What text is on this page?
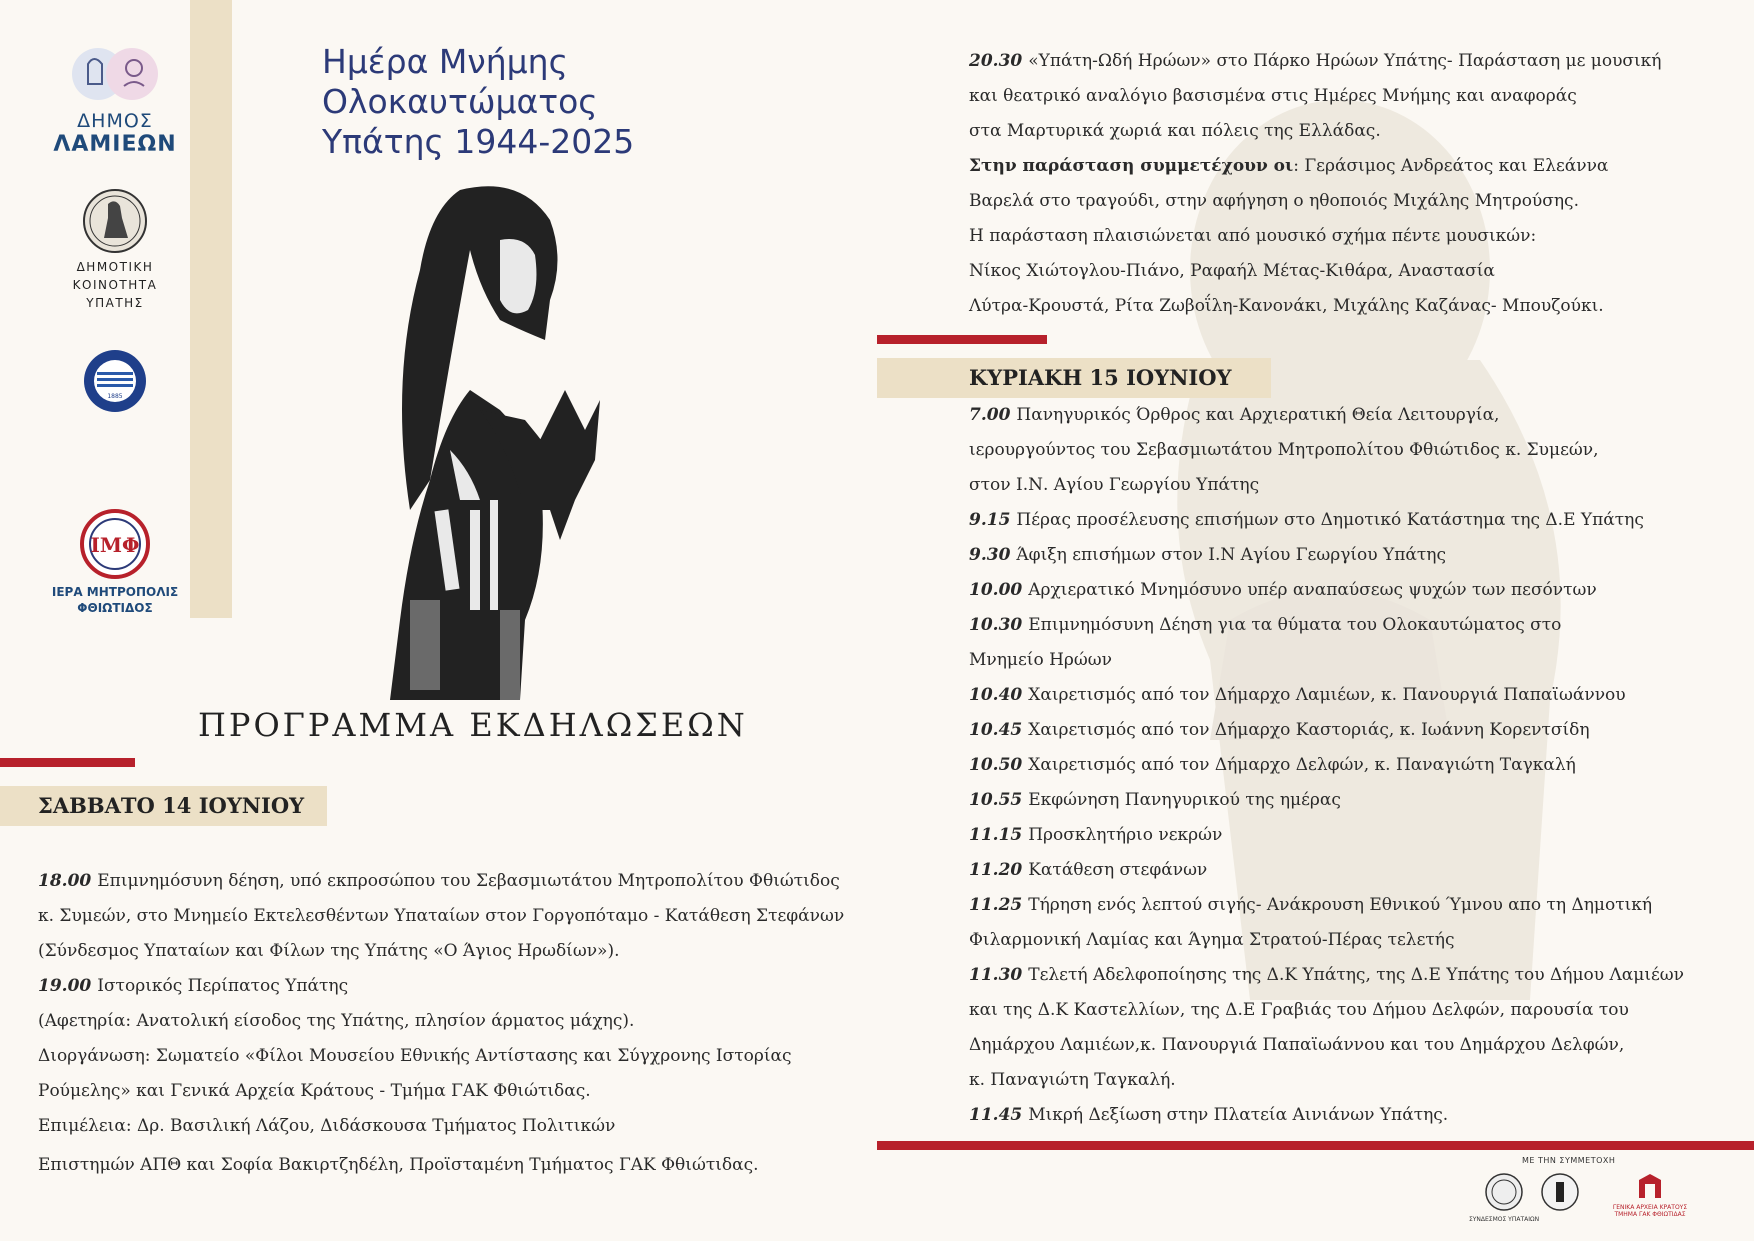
ΔΗΜΟΣ
ΛΑΜΙΕΩΝ
ΔΗΜΟΤΙΚΗ
ΚΟΙΝΟΤΗΤΑ
ΥΠΑΤΗΣ
1885
ΙΜΦ
ΙΕΡΑ ΜΗΤΡΟΠΟΛΙΣ
ΦΘΙΩΤΙΔΟΣ
Ημέρα Μνήμης
Ολοκαυτώματος
Υπάτης 1944-2025
ΠΡΟΓΡΑΜΜΑ ΕΚΔΗΛΩΣΕΩΝ
ΣΑΒΒΑΤΟ 14 ΙΟΥΝΙΟΥ
18.00 Επιμνημόσυνη δέηση, υπό εκπροσώπου του Σεβασμιωτάτου Μητροπολίτου Φθιώτιδος
κ. Συμεών, στο Μνημείο Εκτελεσθέντων Υπαταίων στον Γοργοπόταμο - Κατάθεση Στεφάνων
(Σύνδεσμος Υπαταίων και Φίλων της Υπάτης «Ο Άγιος Ηρωδίων»).
19.00 Ιστορικός Περίπατος Υπάτης
(Αφετηρία: Ανατολική είσοδος της Υπάτης, πλησίον άρματος μάχης).
Διοργάνωση: Σωματείο «Φίλοι Μουσείου Εθνικής Αντίστασης και Σύγχρονης Ιστορίας
Ρούμελης» και Γενικά Αρχεία Κράτους - Τμήμα ΓΑΚ Φθιώτιδας.
Επιμέλεια: Δρ. Βασιλική Λάζου, Διδάσκουσα Τμήματος Πολιτικών
Επιστημών ΑΠΘ και Σοφία Βακιρτζηδέλη, Προϊσταμένη Τμήματος ΓΑΚ Φθιώτιδας.
20.30 «Υπάτη-Ωδή Ηρώων» στο Πάρκο Ηρώων Υπάτης- Παράσταση με μουσική
και θεατρικό αναλόγιο βασισμένα στις Ημέρες Μνήμης και αναφοράς
στα Μαρτυρικά χωριά και πόλεις της Ελλάδας.
Στην παράσταση συμμετέχουν οι: Γεράσιμος Ανδρεάτος και Ελεάννα
Βαρελά στο τραγούδι, στην αφήγηση ο ηθοποιός Μιχάλης Μητρούσης.
Η παράσταση πλαισιώνεται από μουσικό σχήμα πέντε μουσικών:
Νίκος Χιώτογλου-Πιάνο, Ραφαήλ Μέτας-Κιθάρα, Αναστασία
Λύτρα-Κρουστά, Ρίτα Ζωβοΐλη-Κανονάκι, Μιχάλης Καζάνας- Μπουζούκι.
ΚΥΡΙΑΚΗ 15 ΙΟΥΝΙΟΥ
7.00 Πανηγυρικός Όρθρος και Αρχιερατική Θεία Λειτουργία,
ιερουργούντος του Σεβασμιωτάτου Μητροπολίτου Φθιώτιδος κ. Συμεών,
στον Ι.Ν. Αγίου Γεωργίου Υπάτης
9.15 Πέρας προσέλευσης επισήμων στο Δημοτικό Κατάστημα της Δ.Ε Υπάτης
9.30 Άφιξη επισήμων στον Ι.Ν Αγίου Γεωργίου Υπάτης
10.00 Αρχιερατικό Μνημόσυνο υπέρ αναπαύσεως ψυχών των πεσόντων
10.30 Επιμνημόσυνη Δέηση για τα θύματα του Ολοκαυτώματος στο
Μνημείο Ηρώων
10.40 Χαιρετισμός από τον Δήμαρχο Λαμιέων, κ. Πανουργιά Παπαϊωάννου
10.45 Χαιρετισμός από τον Δήμαρχο Καστοριάς, κ. Ιωάννη Κορεντσίδη
10.50 Χαιρετισμός από τον Δήμαρχο Δελφών, κ. Παναγιώτη Ταγκαλή
10.55 Εκφώνηση Πανηγυρικού της ημέρας
11.15 Προσκλητήριο νεκρών
11.20 Κατάθεση στεφάνων
11.25 Τήρηση ενός λεπτού σιγής- Ανάκρουση Εθνικού Ύμνου απο τη Δημοτική
Φιλαρμονική Λαμίας και Άγημα Στρατού-Πέρας τελετής
11.30 Τελετή Αδελφοποίησης της Δ.Κ Υπάτης, της Δ.Ε Υπάτης του Δήμου Λαμιέων
και της Δ.Κ Καστελλίων, της Δ.Ε Γραβιάς του Δήμου Δελφών, παρουσία του
Δημάρχου Λαμιέων,κ. Πανουργιά Παπαϊωάννου και του Δημάρχου Δελφών,
κ. Παναγιώτη Ταγκαλή.
11.45 Μικρή Δεξίωση στην Πλατεία Αινιάνων Υπάτης.
ΜΕ ΤΗΝ ΣΥΜΜΕΤΟΧΗ
ΣΥΝΔΕΣΜΟΣ ΥΠΑΤΑΙΩΝ
ΓΕΝΙΚΑ ΑΡΧΕΙΑ ΚΡΑΤΟΥΣ
ΤΜΗΜΑ ΓΑΚ ΦΘΙΩΤΙΔΑΣ
